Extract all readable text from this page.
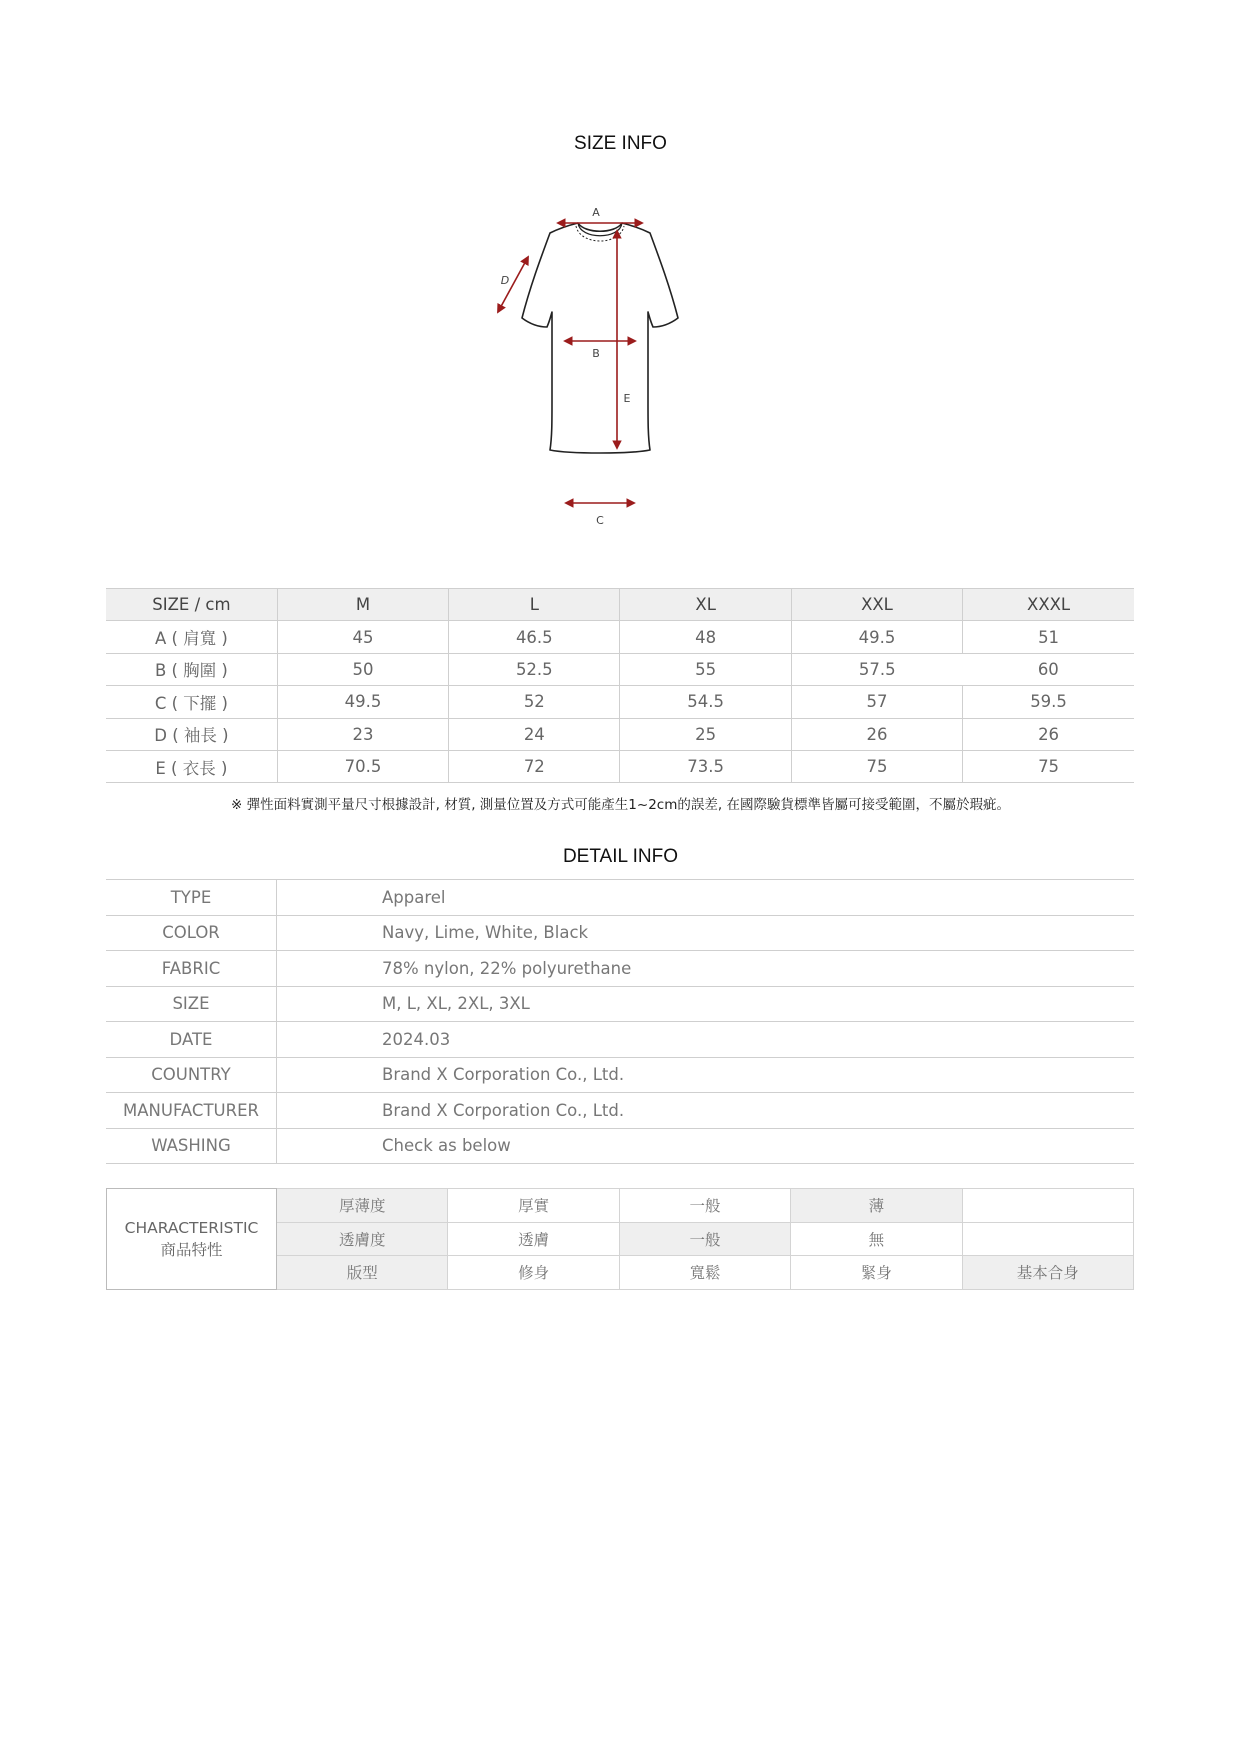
SIZE INFO
A
B
C
D
E
SIZE / cm	M	L	XL	XXL	XXXL
A ( 肩寬 )	45	46.5	48	49.5	51
B ( 胸圍 )	50	52.5	55	57.5	60
C ( 下擺 )	49.5	52	54.5	57	59.5
D ( 袖長 )	23	24	25	26	26
E ( 衣長 )	70.5	72	73.5	75	75
※ 彈性面料實測平量尺寸根據設計, 材質, 測量位置及方式可能產生1~2cm的誤差, 在國際驗貨標準皆屬可接受範圍，不屬於瑕疵。
DETAIL INFO
TYPE	Apparel
COLOR	Navy, Lime, White, Black
FABRIC	78% nylon, 22% polyurethane
SIZE	M, L, XL, 2XL, 3XL
DATE	2024.03
COUNTRY	Brand X Corporation Co., Ltd.
MANUFACTURER	Brand X Corporation Co., Ltd.
WASHING	Check as below
CHARACTERISTIC
商品特性	厚薄度	厚實	一般	薄	
	透膚度	透膚	一般	無	
	版型	修身	寬鬆	緊身	基本合身
